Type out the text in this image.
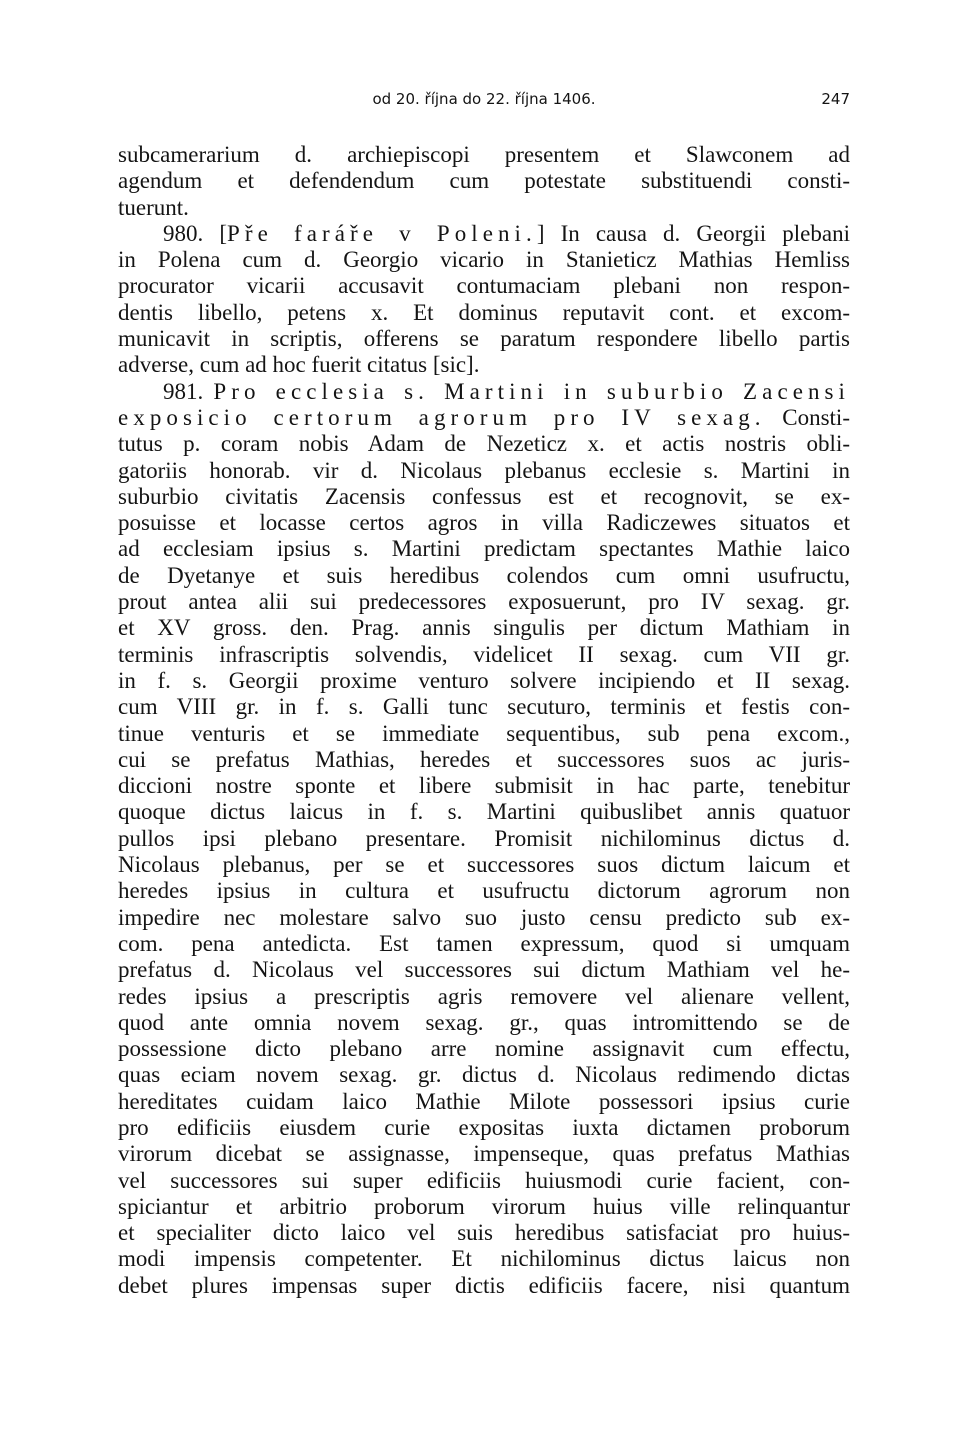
od 20. října do 22. října 1406.	247
subcamerarium d. archiepiscopi presentem et Slawconem ad
agendum et defendendum cum potestate substituendi consti-
tuerunt.
980. [Pře faráře v Poleni.] In causa d. Georgii plebani
in Polena cum d. Georgio vicario in Stanieticz Mathias Hemliss
procurator vicarii accusavit contumaciam plebani non respon-
dentis libello, petens x. Et dominus reputavit cont. et excom-
municavit in scriptis, offerens se paratum respondere libello partis
adverse, cum ad hoc fuerit citatus [sic].
981. Pro ecclesia s. Martini in suburbio Zacensi
exposicio certorum agrorum pro IV sexag. Consti-
tutus p. coram nobis Adam de Nezeticz x. et actis nostris obli-
gatoriis honorab. vir d. Nicolaus plebanus ecclesie s. Martini in
suburbio civitatis Zacensis confessus est et recognovit, se ex-
posuisse et locasse certos agros in villa Radiczewes situatos et
ad ecclesiam ipsius s. Martini predictam spectantes Mathie laico
de Dyetanye et suis heredibus colendos cum omni usufructu,
prout antea alii sui predecessores exposuerunt, pro IV sexag. gr.
et XV gross. den. Prag. annis singulis per dictum Mathiam in
terminis infrascriptis solvendis, videlicet II sexag. cum VII gr.
in f. s. Georgii proxime venturo solvere incipiendo et II sexag.
cum VIII gr. in f. s. Galli tunc secuturo, terminis et festis con-
tinue venturis et se immediate sequentibus, sub pena excom.,
cui se prefatus Mathias, heredes et successores suos ac juris-
diccioni nostre sponte et libere submisit in hac parte, tenebitur
quoque dictus laicus in f. s. Martini quibuslibet annis quatuor
pullos ipsi plebano presentare. Promisit nichilominus dictus d.
Nicolaus plebanus, per se et successores suos dictum laicum et
heredes ipsius in cultura et usufructu dictorum agrorum non
impedire nec molestare salvo suo justo censu predicto sub ex-
com. pena antedicta. Est tamen expressum, quod si umquam
prefatus d. Nicolaus vel successores sui dictum Mathiam vel he-
redes ipsius a prescriptis agris removere vel alienare vellent,
quod ante omnia novem sexag. gr., quas intromittendo se de
possessione dicto plebano arre nomine assignavit cum effectu,
quas eciam novem sexag. gr. dictus d. Nicolaus redimendo dictas
hereditates cuidam laico Mathie Milote possessori ipsius curie
pro edificiis eiusdem curie expositas iuxta dictamen proborum
virorum dicebat se assignasse, impenseque, quas prefatus Mathias
vel successores sui super edificiis huiusmodi curie facient, con-
spiciantur et arbitrio proborum virorum huius ville relinquantur
et specialiter dicto laico vel suis heredibus satisfaciat pro huius-
modi impensis competenter. Et nichilominus dictus laicus non
debet plures impensas super dictis edificiis facere, nisi quantum
